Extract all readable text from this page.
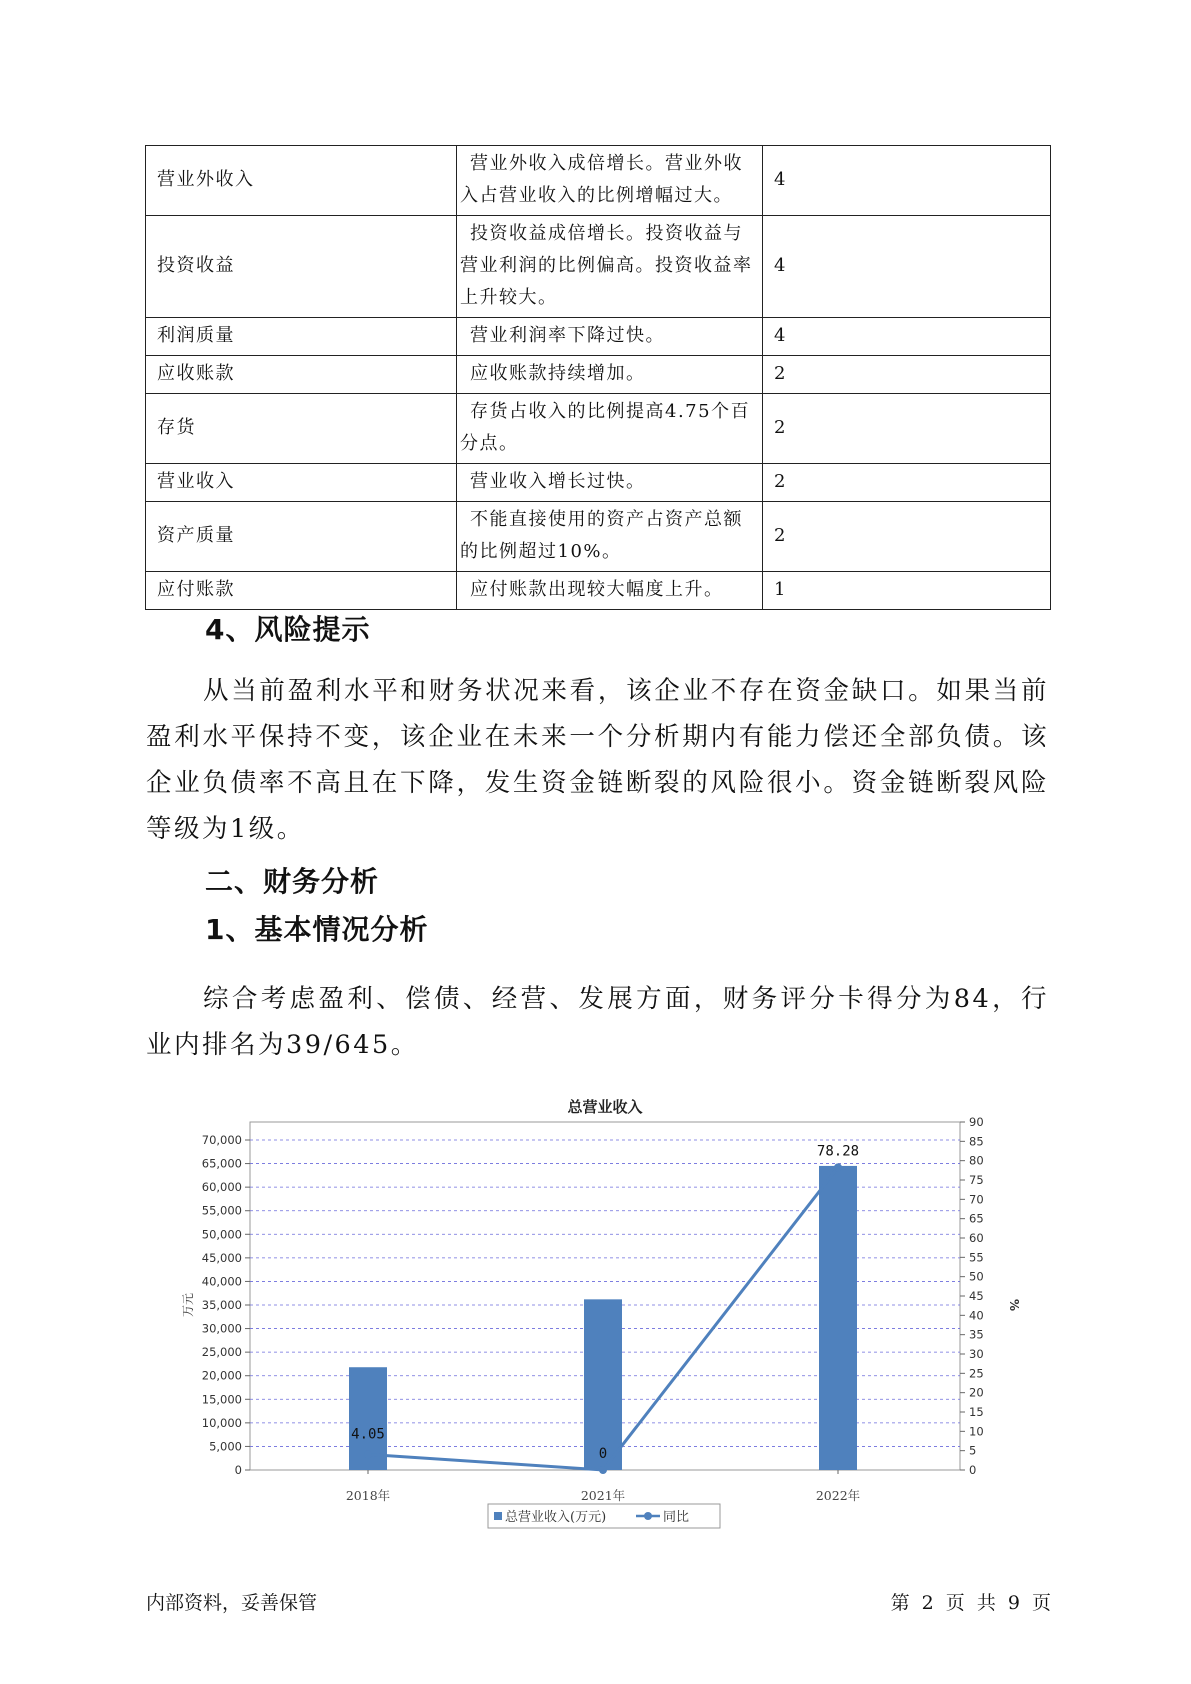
营业外收入	营业外收入成倍增长。营业外收入占营业收入的比例增幅过大。	4
投资收益	投资收益成倍增长。投资收益与营业利润的比例偏高。投资收益率上升较大。	4
利润质量	营业利润率下降过快。	4
应收账款	应收账款持续增加。	2
存货	存货占收入的比例提高4.75个百分点。	2
营业收入	营业收入增长过快。	2
资产质量	不能直接使用的资产占资产总额的比例超过10%。	2
应付账款	应付账款出现较大幅度上升。	1
4、风险提示

从当前盈利水平和财务状况来看，该企业不存在资金缺口。如果当前盈利水平保持不变，该企业在未来一个分析期内有能力偿还全部负债。该企业负债率不高且在下降，发生资金链断裂的风险很小。资金链断裂风险等级为1级。

二、财务分析
1、基本情况分析

综合考虑盈利、偿债、经营、发展方面，财务评分卡得分为84，行业内排名为39/645。

总营业收入
0
5,000
10,000
15,000
20,000
25,000
30,000
35,000
40,000
45,000
50,000
55,000
60,000
65,000
70,000
0
5
10
15
20
25
30
35
40
45
50
55
60
65
70
75
80
85
90
万元	%
2018年	2021年	2022年
4.05
0
78.28
总营业收入(万元)	同比
内部资料，妥善保管	第 2 页 共 9 页
